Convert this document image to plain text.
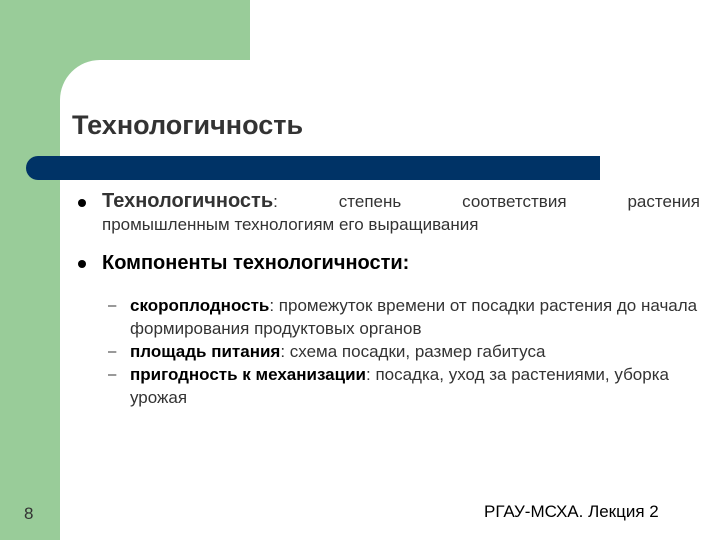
Технологичность
Технологичность:	степень	соответствия	растения
промышленным технологиям его выращивания
Компоненты технологичности:
– скороплодность: промежуток времени от посадки растения до начала формирования продуктовых органов
– площадь питания: схема посадки, размер габитуса
– пригодность к механизации: посадка, уход за растениями, уборка урожая
8	РГАУ-МСХА. Лекция 2
